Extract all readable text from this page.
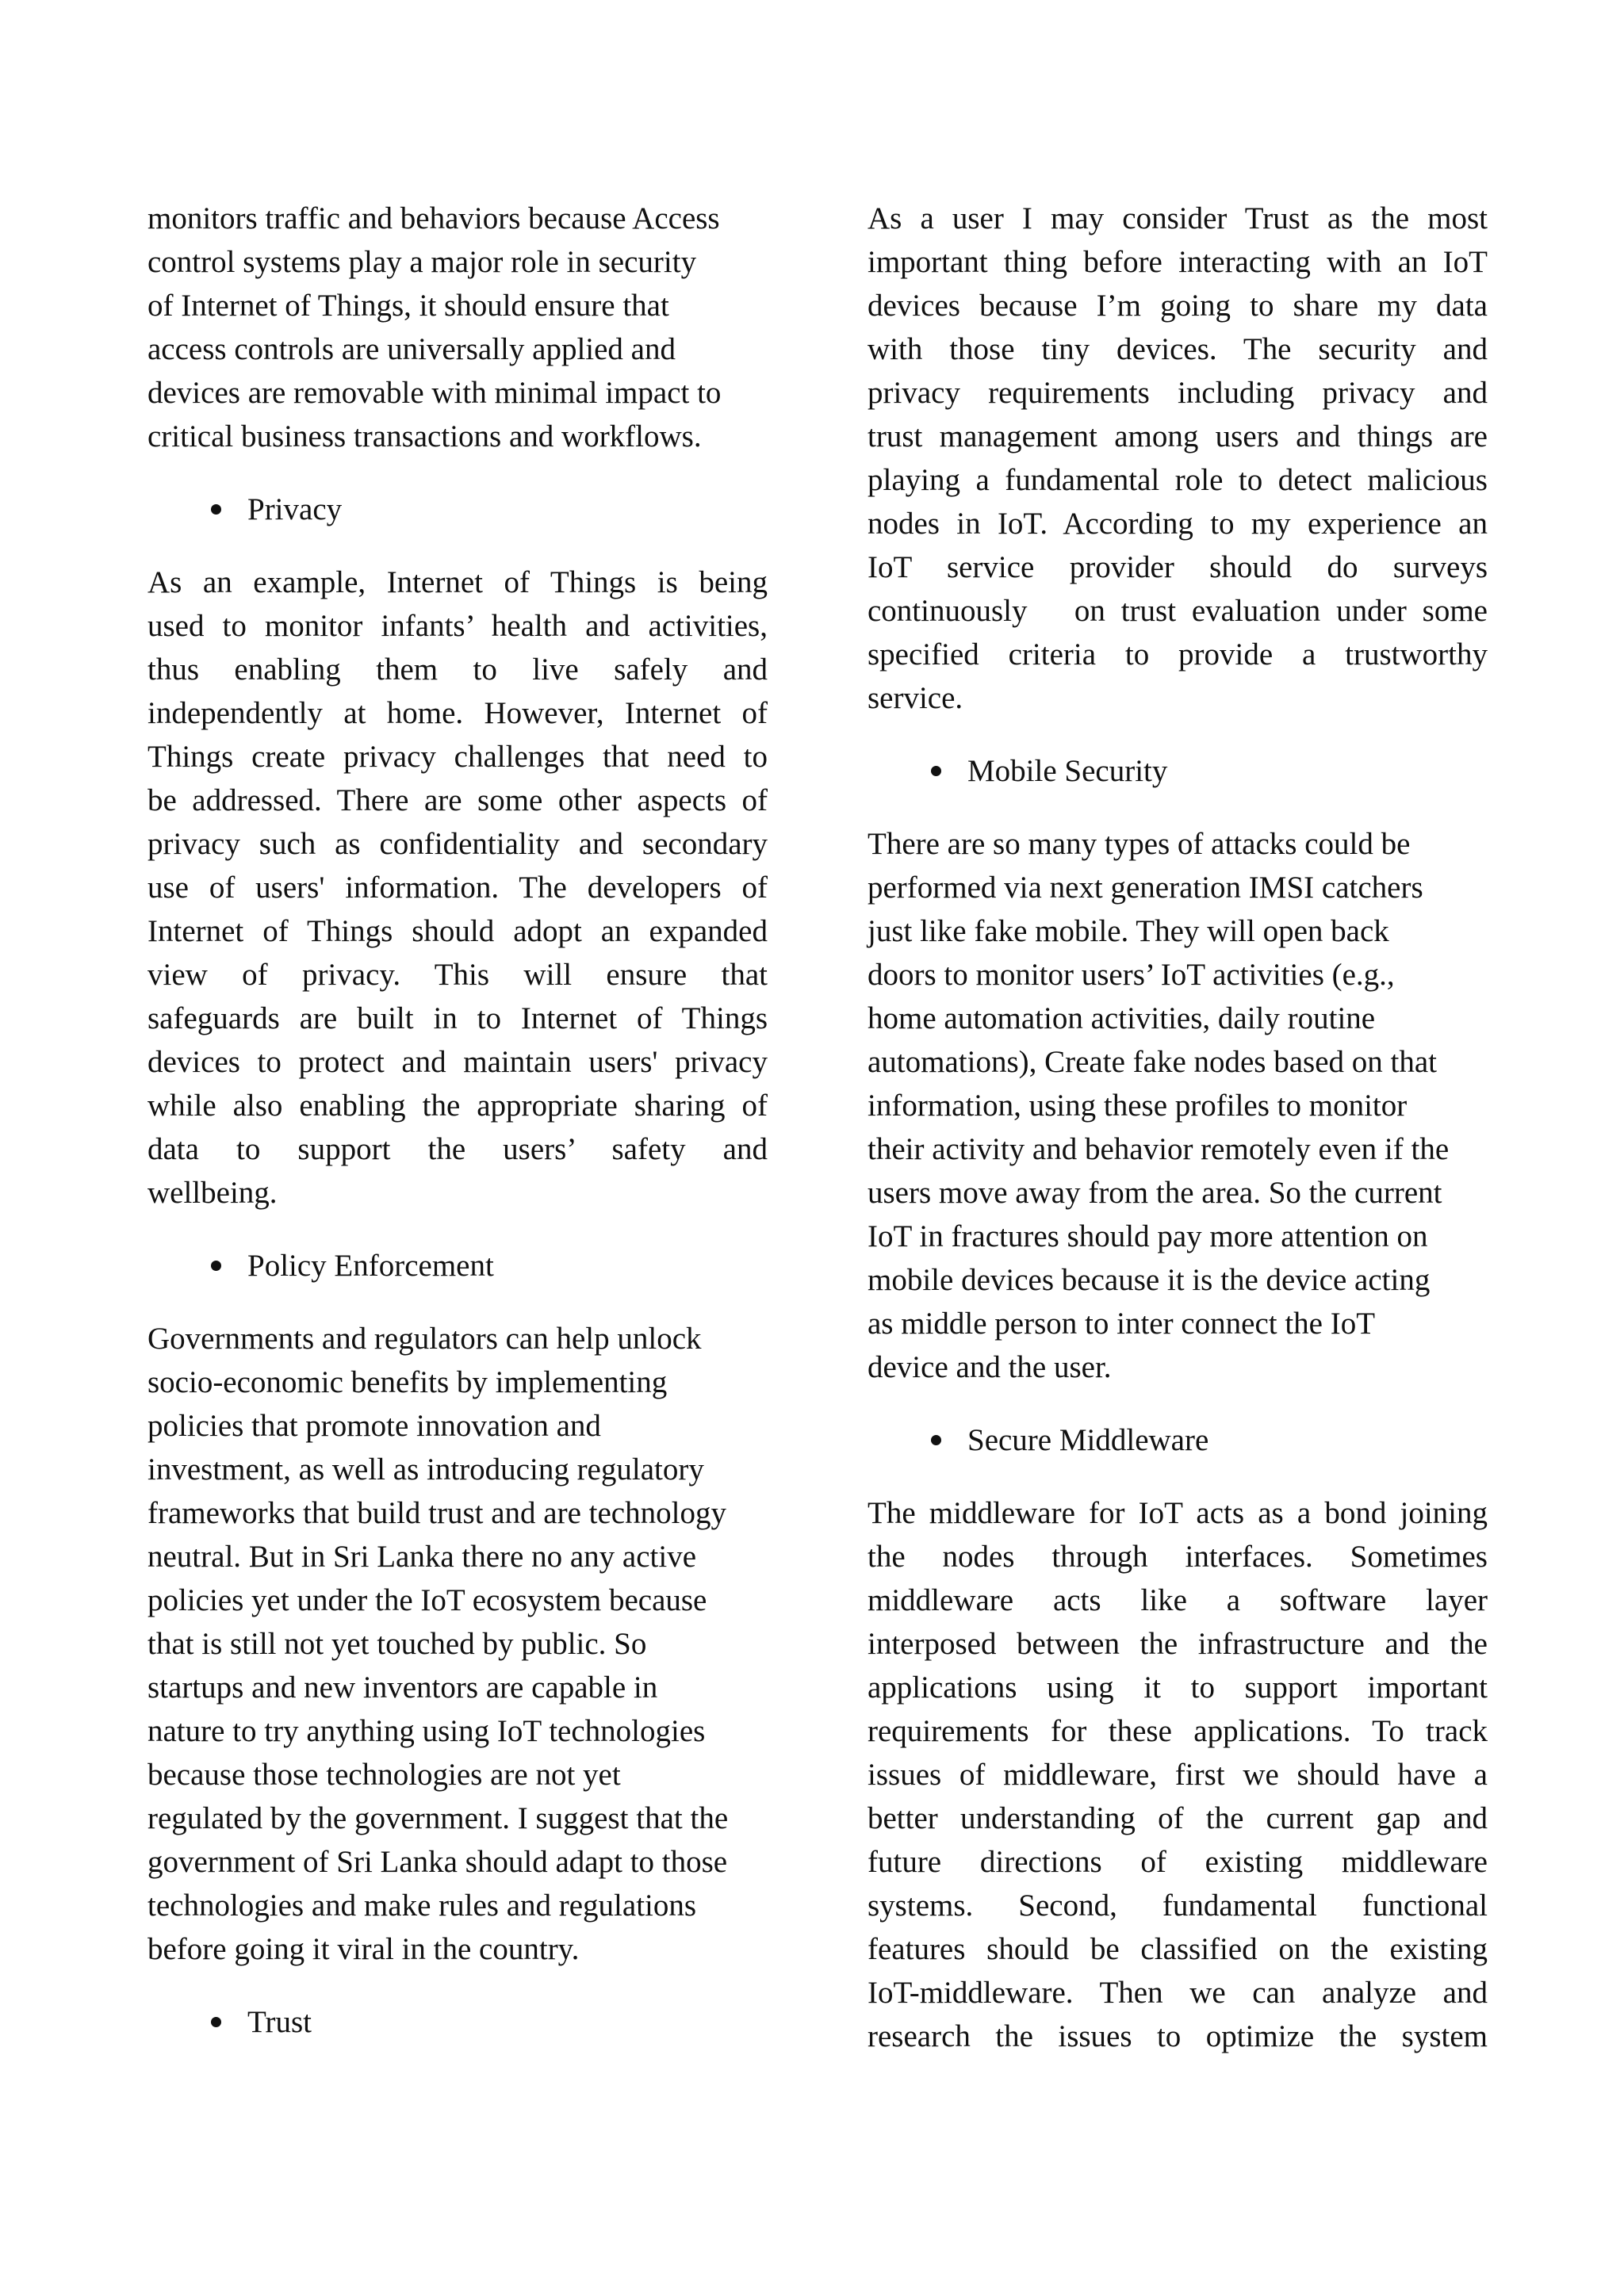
monitors traffic and behaviors because Access
control systems play a major role in security
of Internet of Things, it should ensure that
access controls are universally applied and
devices are removable with minimal impact to
critical business transactions and workflows.
Privacy
As an example, Internet of Things is being
used to monitor infants’ health and activities,
thus enabling them to live safely and
independently at home. However, Internet of
Things create privacy challenges that need to
be addressed. There are some other aspects of
privacy such as confidentiality and secondary
use of users' information. The developers of
Internet of Things should adopt an expanded
view of privacy. This will ensure that
safeguards are built in to Internet of Things
devices to protect and maintain users' privacy
while also enabling the appropriate sharing of
data to support the users’ safety and
wellbeing.
Policy Enforcement
Governments and regulators can help unlock
socio-economic benefits by implementing
policies that promote innovation and
investment, as well as introducing regulatory
frameworks that build trust and are technology
neutral. But in Sri Lanka there no any active
policies yet under the IoT ecosystem because
that is still not yet touched by public. So
startups and new inventors are capable in
nature to try anything using IoT technologies
because those technologies are not yet
regulated by the government. I suggest that the
government of Sri Lanka should adapt to those
technologies and make rules and regulations
before going it viral in the country.
Trust
As a user I may consider Trust as the most
important thing before interacting with an IoT
devices because I’m going to share my data
with those tiny devices. The security and
privacy requirements including privacy and
trust management among users and things are
playing a fundamental role to detect malicious
nodes in IoT. According to my experience an
IoT service provider should do surveys
continuously   on trust evaluation under some
specified criteria to provide a trustworthy
service.
Mobile Security
There are so many types of attacks could be
performed via next generation IMSI catchers
just like fake mobile. They will open back
doors to monitor users’ IoT activities (e.g.,
home automation activities, daily routine
automations), Create fake nodes based on that
information, using these profiles to monitor
their activity and behavior remotely even if the
users move away from the area. So the current
IoT in fractures should pay more attention on
mobile devices because it is the device acting
as middle person to inter connect the IoT
device and the user.
Secure Middleware
The middleware for IoT acts as a bond joining
the nodes through interfaces. Sometimes
middleware acts like a software layer
interposed between the infrastructure and the
applications using it to support important
requirements for these applications. To track
issues of middleware, first we should have a
better understanding of the current gap and
future directions of existing middleware
systems. Second, fundamental functional
features should be classified on the existing
IoT-middleware. Then we can analyze and
research the issues to optimize the system
